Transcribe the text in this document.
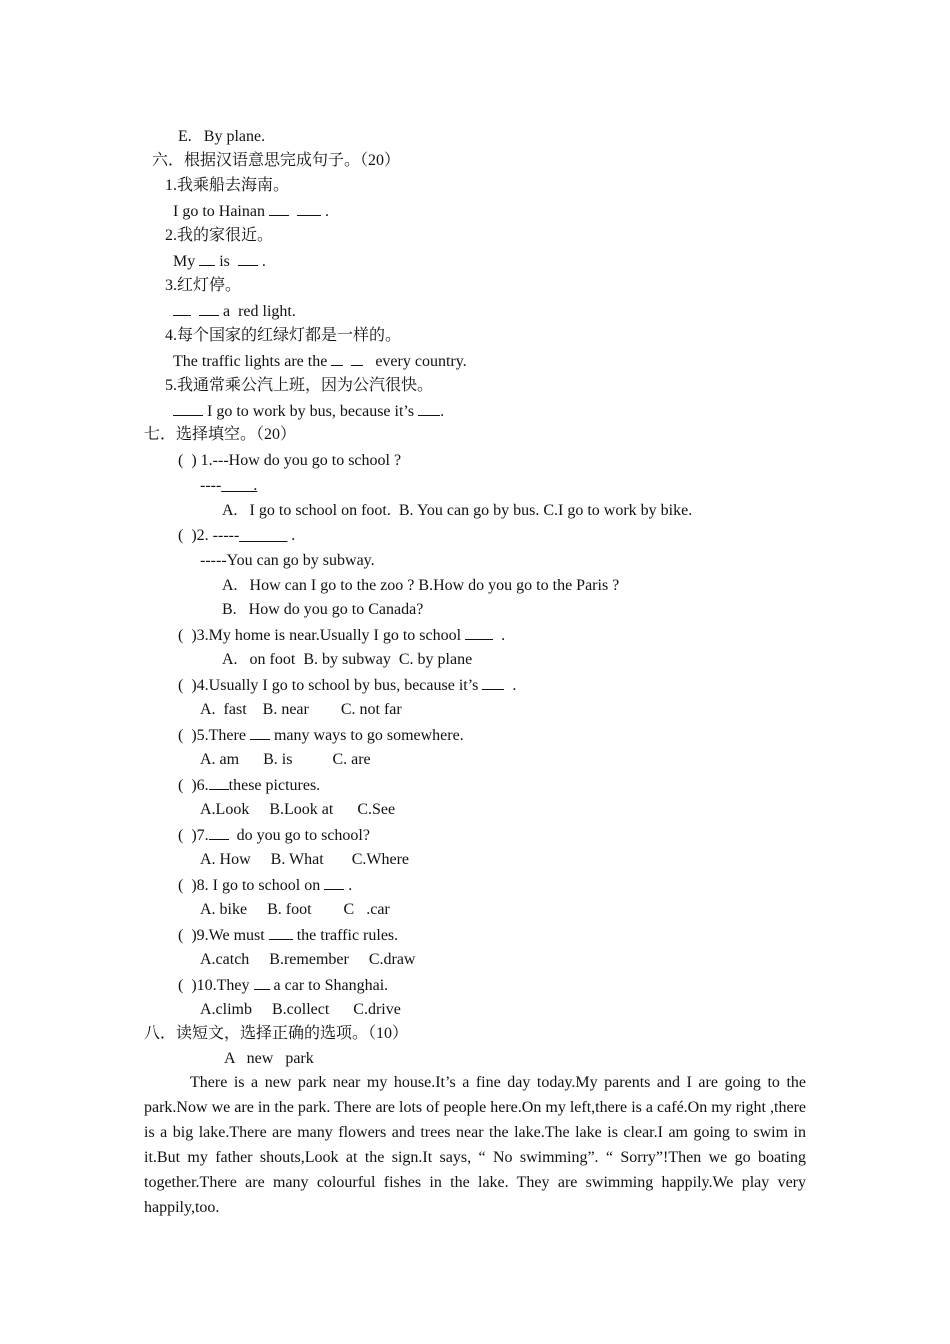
E.   By plane.
六．根据汉语意思完成句子。（20）
1.我乘船去海南。
I go to Hainan	.
2.我的家很近。
My  is   .
3.红灯停。
a  red light.
4.每个国家的红绿灯都是一样的。
The traffic lights are the	every country.
5.我通常乘公汽上班，因为公汽很快。
I go to work by bus, because it’s .
七．选择填空。（20）
(  ) 1.---How do you go to school ?
----____.
A.   I go to school on foot.  B. You can go by bus. C.I go to work by bike.
(  )2. -----______ .
-----You can go by subway.
A.   How can I go to the zoo ? B.How do you go to the Paris ?
B.   How do you go to Canada?
(  )3.My home is near.Usually I go to school   .
A.   on foot  B. by subway  C. by plane
(  )4.Usually I go to school by bus, because it’s   .
A.  fast    B. near        C. not far
(  )5.There  many ways to go somewhere.
A. am      B. is          C. are
(  )6. these pictures.
A.Look     B.Look at      C.See
(  )7.  do you go to school?
A. How     B. What       C.Where
(  )8. I go to school on  .
A. bike     B. foot        C   .car
(  )9.We must  the traffic rules.
A.catch     B.remember     C.draw
(  )10.They  a car to Shanghai.
A.climb     B.collect      C.drive
八．读短文，选择正确的选项。（10）
A   new   park
There is a new park near my house.It’s a fine day today.My parents and I are going to the park.Now we are in the park. There are lots of people here.On my left,there is a café.On my right ,there is a big lake.There are many flowers and trees near the lake.The lake is clear.I am going to swim in it.But my father shouts,Look at the sign.It says, “ No swimming”. “ Sorry”!Then we go boating together.There are many colourful fishes in the lake. They are swimming happily.We play very happily,too.
